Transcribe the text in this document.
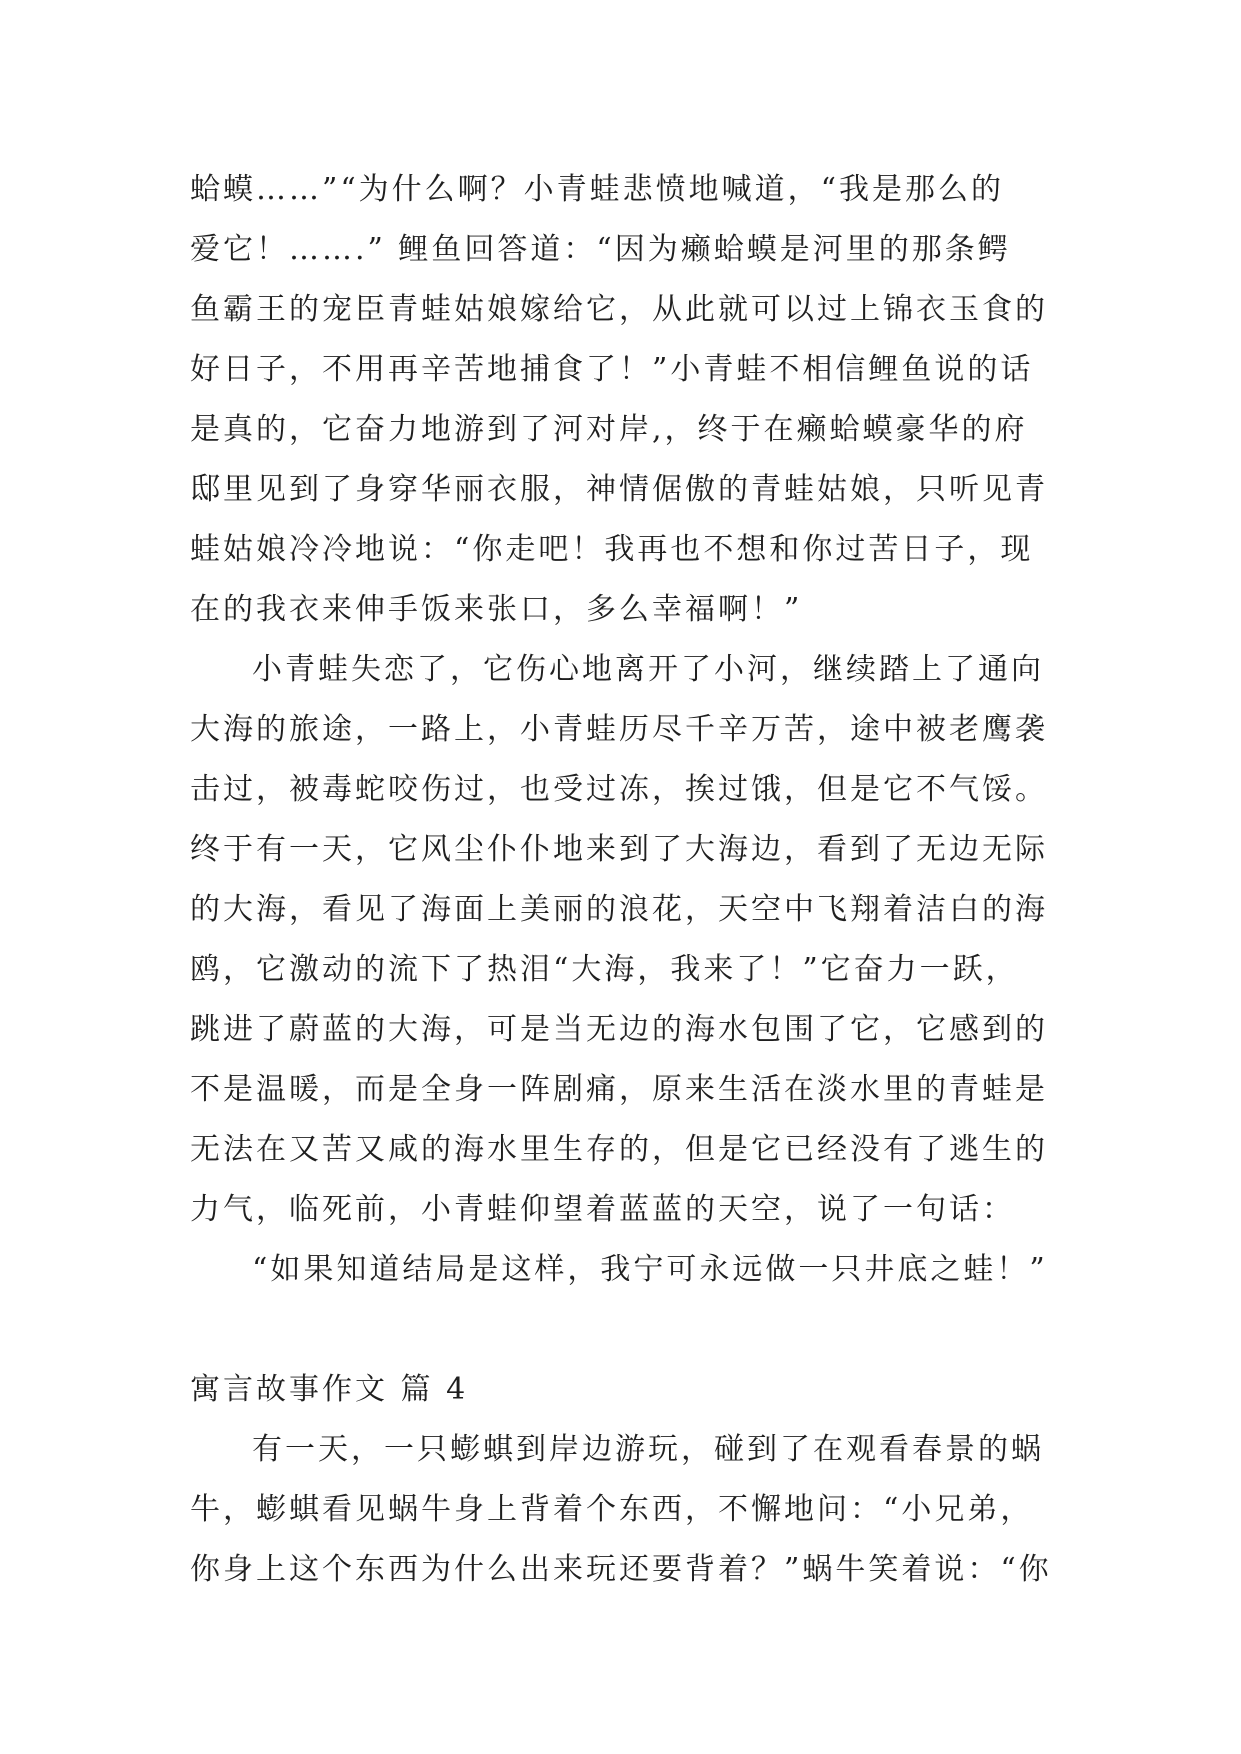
蛤蟆……”“为什么啊？小青蛙悲愤地喊道，“我是那么的
爱它！…….” 鲤鱼回答道：“因为癞蛤蟆是河里的那条鳄
鱼霸王的宠臣青蛙姑娘嫁给它，从此就可以过上锦衣玉食的
好日子，不用再辛苦地捕食了！”小青蛙不相信鲤鱼说的话
是真的，它奋力地游到了河对岸,，终于在癞蛤蟆豪华的府
邸里见到了身穿华丽衣服，神情倨傲的青蛙姑娘，只听见青
蛙姑娘冷冷地说：“你走吧！我再也不想和你过苦日子，现
在的我衣来伸手饭来张口，多么幸福啊！”
小青蛙失恋了，它伤心地离开了小河，继续踏上了通向
大海的旅途，一路上，小青蛙历尽千辛万苦，途中被老鹰袭
击过，被毒蛇咬伤过，也受过冻，挨过饿，但是它不气馁。
终于有一天，它风尘仆仆地来到了大海边，看到了无边无际
的大海，看见了海面上美丽的浪花，天空中飞翔着洁白的海
鸥，它激动的流下了热泪“大海，我来了！”它奋力一跃，
跳进了蔚蓝的大海，可是当无边的海水包围了它，它感到的
不是温暖，而是全身一阵剧痛，原来生活在淡水里的青蛙是
无法在又苦又咸的海水里生存的，但是它已经没有了逃生的
力气，临死前，小青蛙仰望着蓝蓝的天空，说了一句话：
“如果知道结局是这样，我宁可永远做一只井底之蛙！”
寓言故事作文 篇 4
有一天，一只蟛蜞到岸边游玩，碰到了在观看春景的蜗
牛，蟛蜞看见蜗牛身上背着个东西，不懈地问：“小兄弟，
你身上这个东西为什么出来玩还要背着？”蜗牛笑着说：“你
